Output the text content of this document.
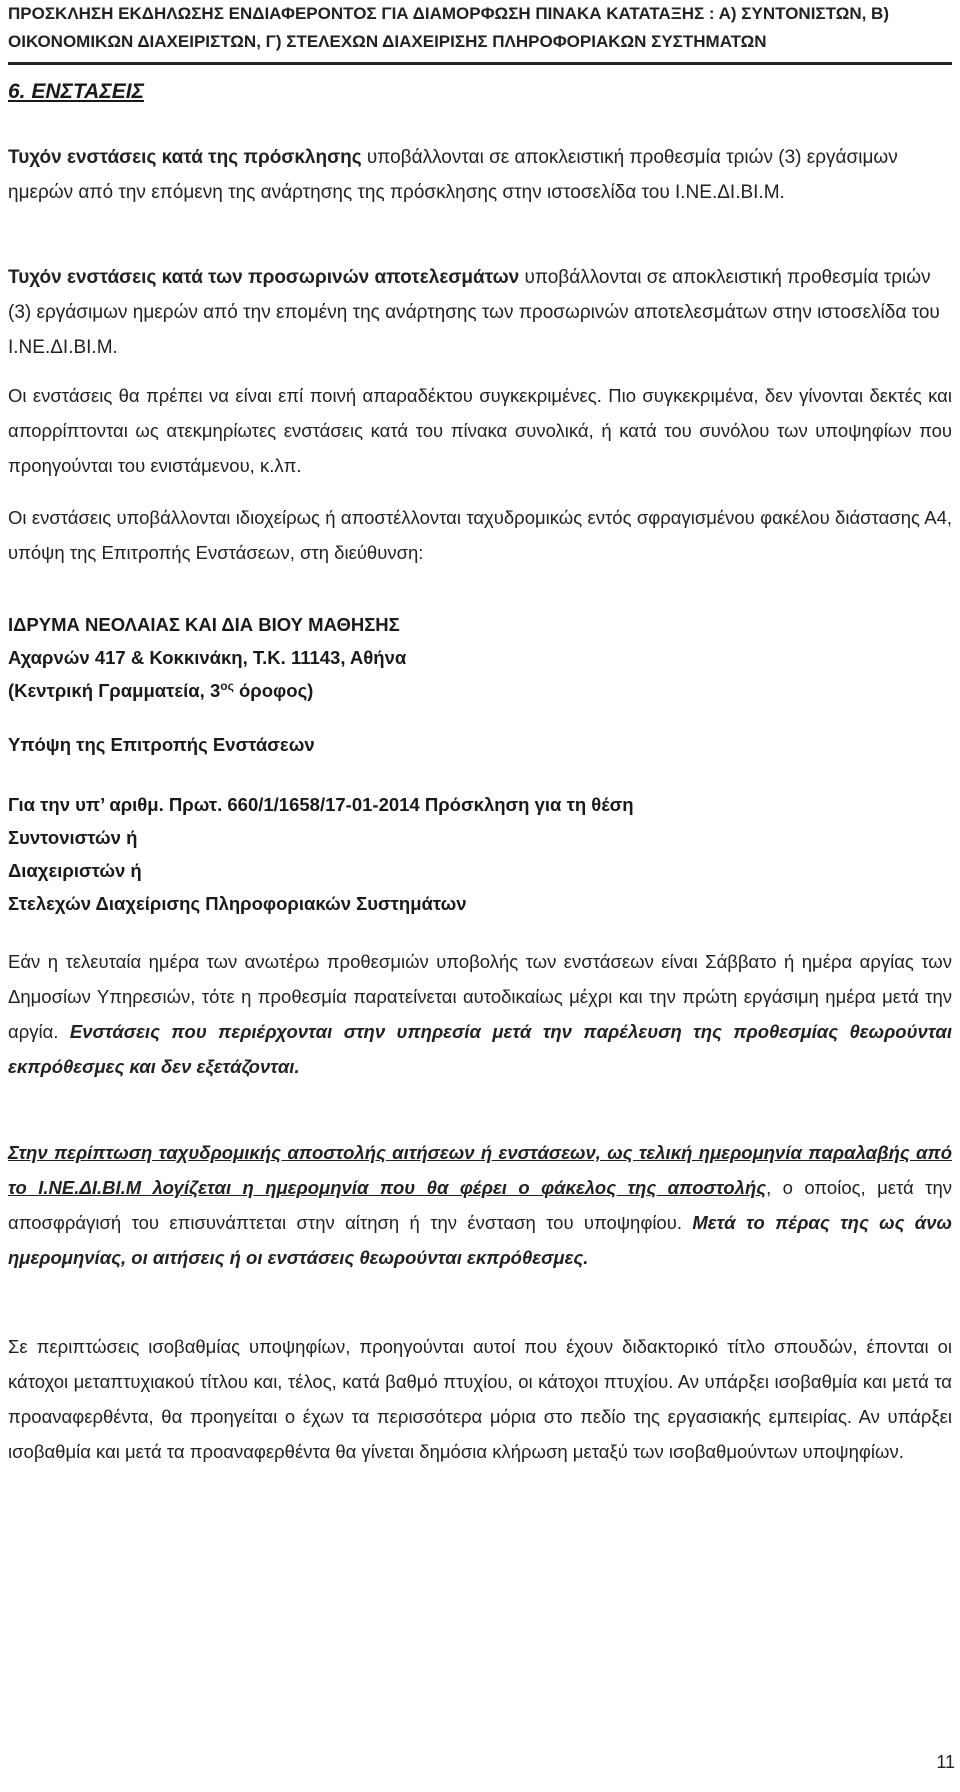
ΠΡΟΣΚΛΗΣΗ ΕΚΔΗΛΩΣΗΣ ΕΝΔΙΑΦΕΡΟΝΤΟΣ ΓΙΑ ΔΙΑΜΟΡΦΩΣΗ ΠΙΝΑΚΑ ΚΑΤΑΤΑΞΗΣ : Α) ΣΥΝΤΟΝΙΣΤΩΝ, Β)
ΟΙΚΟΝΟΜΙΚΩΝ ΔΙΑΧΕΙΡΙΣΤΩΝ, Γ) ΣΤΕΛΕΧΩΝ ΔΙΑΧΕΙΡΙΣΗΣ ΠΛΗΡΟΦΟΡΙΑΚΩΝ ΣΥΣΤΗΜΑΤΩΝ
6. ΕΝΣΤΑΣΕΙΣ

Τυχόν ενστάσεις κατά της πρόσκλησης υποβάλλονται σε αποκλειστική προθεσμία τριών (3) εργάσιμων ημερών από την επόμενη της ανάρτησης της πρόσκλησης στην ιστοσελίδα του Ι.ΝΕ.ΔΙ.ΒΙ.Μ.

Τυχόν ενστάσεις κατά των προσωρινών αποτελεσμάτων υποβάλλονται σε αποκλειστική προθεσμία τριών (3) εργάσιμων ημερών από την επομένη της ανάρτησης των προσωρινών αποτελεσμάτων στην ιστοσελίδα του Ι.ΝΕ.ΔΙ.ΒΙ.Μ.

Οι ενστάσεις θα πρέπει να είναι επί ποινή απαραδέκτου συγκεκριμένες. Πιο συγκεκριμένα, δεν γίνονται δεκτές και απορρίπτονται ως ατεκμηρίωτες ενστάσεις κατά του πίνακα συνολικά, ή κατά του συνόλου των υποψηφίων που προηγούνται του ενιστάμενου, κ.λπ.

Οι ενστάσεις υποβάλλονται ιδιοχείρως ή αποστέλλονται ταχυδρομικώς εντός σφραγισμένου φακέλου διάστασης Α4, υπόψη της Επιτροπής Ενστάσεων, στη διεύθυνση:

ΙΔΡΥΜΑ ΝΕΟΛΑΙΑΣ ΚΑΙ ΔΙΑ ΒΙΟΥ ΜΑΘΗΣΗΣ
Αχαρνών 417 & Κοκκινάκη, Τ.Κ. 11143, Αθήνα
(Κεντρική Γραμματεία, $3^{o\varsigma}$ όροφος)
Υπόψη της Επιτροπής Ενστάσεων
Για την υπ’ αριθμ. Πρωτ. 660/1/1658/17-01-2014 Πρόσκληση για τη θέση
Συντονιστών ή
Διαχειριστών ή
Στελεχών Διαχείρισης Πληροφοριακών Συστημάτων

Εάν η τελευταία ημέρα των ανωτέρω προθεσμιών υποβολής των ενστάσεων είναι Σάββατο ή ημέρα αργίας των Δημοσίων Υπηρεσιών, τότε η προθεσμία παρατείνεται αυτοδικαίως μέχρι και την πρώτη εργάσιμη ημέρα μετά την αργία. Ενστάσεις που περιέρχονται στην υπηρεσία μετά την παρέλευση της προθεσμίας θεωρούνται εκπρόθεσμες και δεν εξετάζονται.

Στην περίπτωση ταχυδρομικής αποστολής αιτήσεων ή ενστάσεων, ως τελική ημερομηνία παραλαβής από το Ι.ΝΕ.ΔΙ.ΒΙ.Μ λογίζεται η ημερομηνία που θα φέρει ο φάκελος της αποστολής, ο οποίος, μετά την αποσφράγισή του επισυνάπτεται στην αίτηση ή την ένσταση του υποψηφίου. Μετά το πέρας της ως άνω ημερομηνίας, οι αιτήσεις ή οι ενστάσεις θεωρούνται εκπρόθεσμες.

Σε περιπτώσεις ισοβαθμίας υποψηφίων, προηγούνται αυτοί που έχουν διδακτορικό τίτλο σπουδών, έπονται οι κάτοχοι μεταπτυχιακού τίτλου και, τέλος, κατά βαθμό πτυχίου, οι κάτοχοι πτυχίου. Αν υπάρξει ισοβαθμία και μετά τα προαναφερθέντα, θα προηγείται ο έχων τα περισσότερα μόρια στο πεδίο της εργασιακής εμπειρίας. Αν υπάρξει ισοβαθμία και μετά τα προαναφερθέντα θα γίνεται δημόσια κλήρωση μεταξύ των ισοβαθμούντων υποψηφίων.

11
